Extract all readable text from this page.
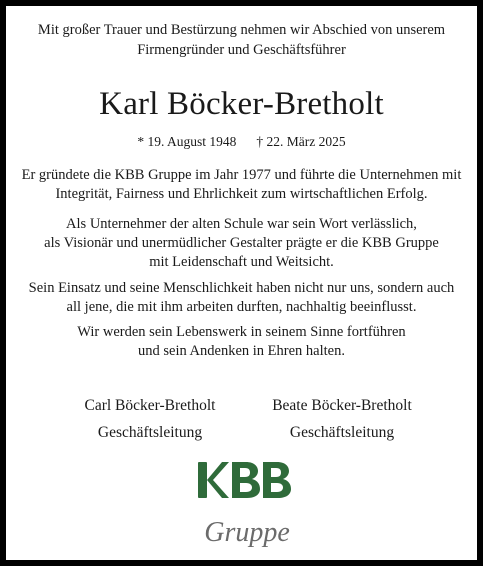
Mit großer Trauer und Bestürzung nehmen wir Abschied von unserem
Firmengründer und Geschäftsführer
Karl Böcker-Bretholt
* 19. August 1948 † 22. März 2025
Er gründete die KBB Gruppe im Jahr 1977 und führte die Unternehmen mit
Integrität, Fairness und Ehrlichkeit zum wirtschaftlichen Erfolg.
Als Unternehmer der alten Schule war sein Wort verlässlich,
als Visionär und unermüdlicher Gestalter prägte er die KBB Gruppe
mit Leidenschaft und Weitsicht.
Sein Einsatz und seine Menschlichkeit haben nicht nur uns, sondern auch
all jene, die mit ihm arbeiten durften, nachhaltig beeinflusst.
Wir werden sein Lebenswerk in seinem Sinne fortführen
und sein Andenken in Ehren halten.
Carl Böcker-Bretholt
Geschäftsleitung
Beate Böcker-Bretholt
Geschäftsleitung
Gruppe
